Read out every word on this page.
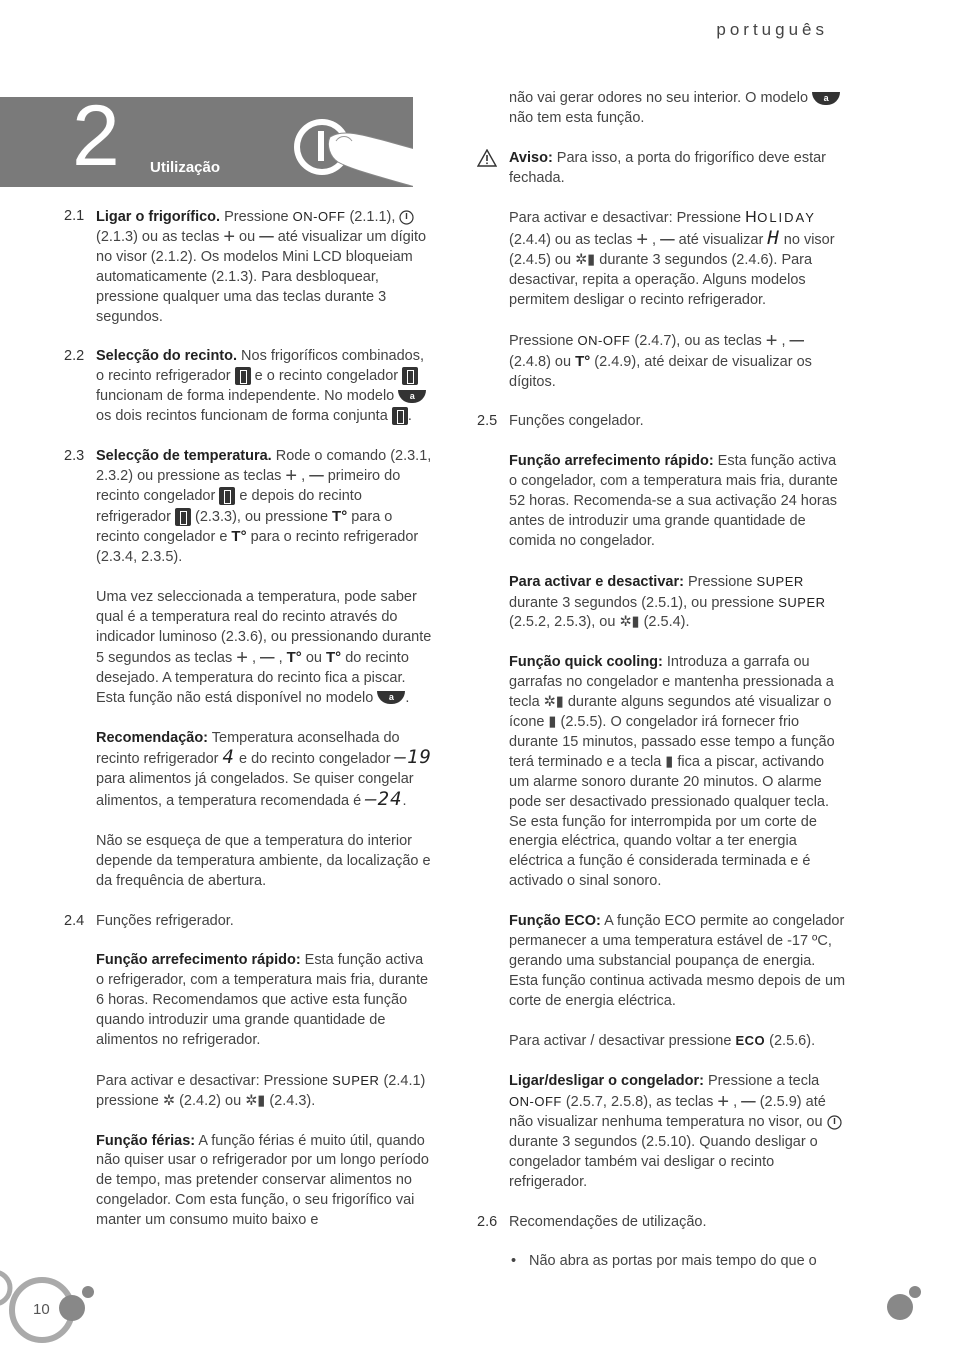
português
2 Utilização
2.1 Ligar o frigorífico. Pressione ON-OFF (2.1.1),  (2.1.3) ou as teclas + ou — até visualizar um dígito no visor (2.1.2). Os modelos Mini LCD bloqueiam automaticamente (2.1.3). Para desbloquear, pressione qualquer uma das teclas durante 3 segundos.
2.2 Selecção do recinto. Nos frigoríficos combinados, o recinto refrigerador  e o recinto congelador  funcionam de forma independente. No modelo a os dois recintos funcionam de forma conjunta .
2.3 Selecção de temperatura. Rode o comando (2.3.1, 2.3.2) ou pressione as teclas + , — primeiro do recinto congelador  e depois do recinto refrigerador  (2.3.3), ou pressione T° para o recinto congelador e T° para o recinto refrigerador (2.3.4, 2.3.5).

Uma vez seleccionada a temperatura, pode saber qual é a temperatura real do recinto através do indicador luminoso (2.3.6), ou pressionando durante 5 segundos as teclas + , — , T° ou T° do recinto desejado. A temperatura do recinto fica a piscar. Esta função não está disponível no modelo a .

Recomendação: Temperatura aconselhada do recinto refrigerador 4 e do recinto congelador –19 para alimentos já congelados. Se quiser congelar alimentos, a temperatura recomendada é –24.

Não se esqueça de que a temperatura do interior depende da temperatura ambiente, da localização e da frequência de abertura.

2.4 Funções refrigerador.

Função arrefecimento rápido: Esta função activa o refrigerador, com a temperatura mais fria, durante 6 horas. Recomendamos que active esta função quando introduzir uma grande quantidade de alimentos no refrigerador.

Para activar e desactivar: Pressione SUPER (2.4.1) pressione ✲ (2.4.2) ou ✲▮ (2.4.3).

Função férias: A função férias é muito útil, quando não quiser usar o refrigerador por um longo período de tempo, mas pretender conservar alimentos no congelador. Com esta função, o seu frigorífico vai manter um consumo muito baixo e

não vai gerar odores no seu interior. O modelo a não tem esta função.

Aviso: Para isso, a porta do frigorífico deve estar fechada.

Para activar e desactivar: Pressione HOLIDAY (2.4.4) ou as teclas + , — até visualizar H no visor (2.4.5) ou ✲▮ durante 3 segundos (2.4.6). Para desactivar, repita a operação. Alguns modelos permitem desligar o recinto refrigerador.

Pressione ON-OFF (2.4.7), ou as teclas + , — (2.4.8) ou T° (2.4.9), até deixar de visualizar os dígitos.

2.5 Funções congelador.

Função arrefecimento rápido: Esta função activa o congelador, com a temperatura mais fria, durante 52 horas. Recomenda-se a sua activação 24 horas antes de introduzir uma grande quantidade de comida no congelador.

Para activar e desactivar: Pressione SUPER durante 3 segundos (2.5.1), ou pressione SUPER (2.5.2, 2.5.3), ou ✲▮ (2.5.4).

Função quick cooling: Introduza a garrafa ou garrafas no congelador e mantenha pressionada a tecla ✲▮ durante alguns segundos até visualizar o ícone ▮ (2.5.5). O congelador irá fornecer frio durante 15 minutos, passado esse tempo a função terá terminado e a tecla ▮ fica a piscar, activando um alarme sonoro durante 20 minutos. O alarme pode ser desactivado pressionado qualquer tecla. Se esta função for interrompida por um corte de energia eléctrica, quando voltar a ter energia eléctrica a função é considerada terminada e é activado o sinal sonoro.

Função ECO: A função ECO permite ao congelador permanecer a uma temperatura estável de -17 ºC, gerando uma substancial poupança de energia. Esta função continua activada mesmo depois de um corte de energia eléctrica.

Para activar / desactivar pressione ECO (2.5.6).

Ligar/desligar o congelador: Pressione a tecla ON-OFF (2.5.7, 2.5.8), as teclas + , — (2.5.9) até não visualizar nenhuma temperatura no visor, ou  durante 3 segundos (2.5.10). Quando desligar o congelador também vai desligar o recinto refrigerador.

2.6 Recomendações de utilização.

• Não abra as portas por mais tempo do que o

10
